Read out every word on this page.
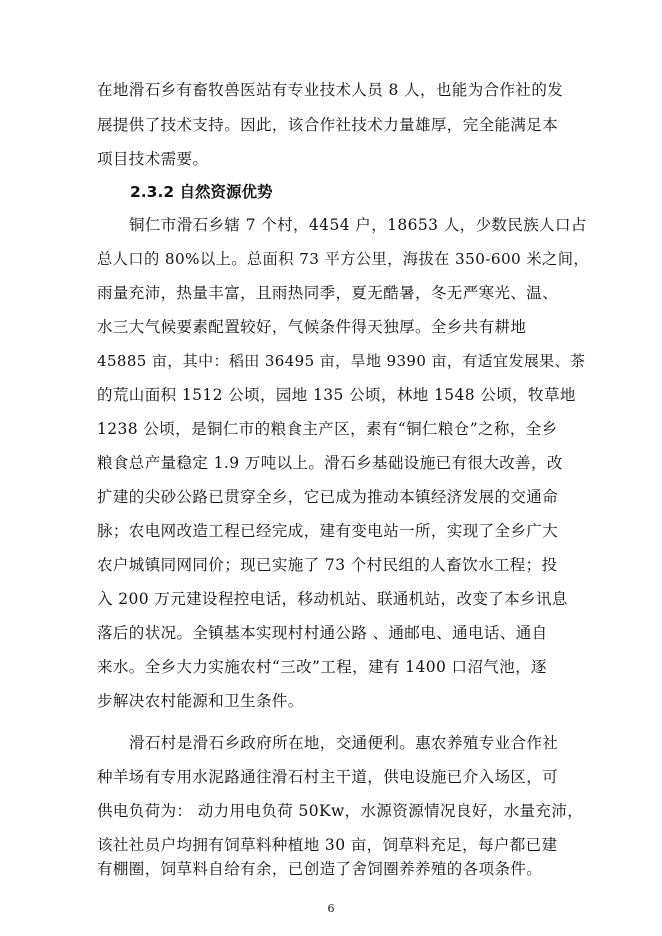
在地滑石乡有畜牧兽医站有专业技术人员 8 人，也能为合作社的发
展提供了技术支持。因此，该合作社技术力量雄厚，完全能满足本
项目技术需要。
2.3.2 自然资源优势
铜仁市滑石乡辖 7 个村，4454 户，18653 人，少数民族人口占
总人口的 80%以上。总面积 73 平方公里，海拔在 350-600 米之间，
雨量充沛，热量丰富，且雨热同季，夏无酷暑，冬无严寒光、温、
水三大气候要素配置较好，气候条件得天独厚。全乡共有耕地
45885 亩，其中：稻田 36495 亩，旱地 9390 亩，有适宜发展果、茶
的荒山面积 1512 公顷，园地 135 公顷，林地 1548 公顷，牧草地
1238 公顷，是铜仁市的粮食主产区，素有“铜仁粮仓”之称，全乡
粮食总产量稳定 1.9 万吨以上。滑石乡基础设施已有很大改善，改
扩建的尖砂公路已贯穿全乡，它已成为推动本镇经济发展的交通命
脉；农电网改造工程已经完成，建有变电站一所，实现了全乡广大
农户城镇同网同价；现已实施了 73 个村民组的人畜饮水工程；投
入 200 万元建设程控电话，移动机站、联通机站，改变了本乡讯息
落后的状况。全镇基本实现村村通公路 、通邮电、通电话、通自
来水。全乡大力实施农村“三改”工程，建有 1400 口沼气池，逐
步解决农村能源和卫生条件。
滑石村是滑石乡政府所在地，交通便利。惠农养殖专业合作社
种羊场有专用水泥路通往滑石村主干道，供电设施已介入场区，可
供电负荷为： 动力用电负荷 50Kw，水源资源情况良好，水量充沛，
该社社员户均拥有饲草料种植地 30 亩，饲草料充足，每户都已建
有棚圈，饲草料自给有余，已创造了舍饲圈养养殖的各项条件。
6
